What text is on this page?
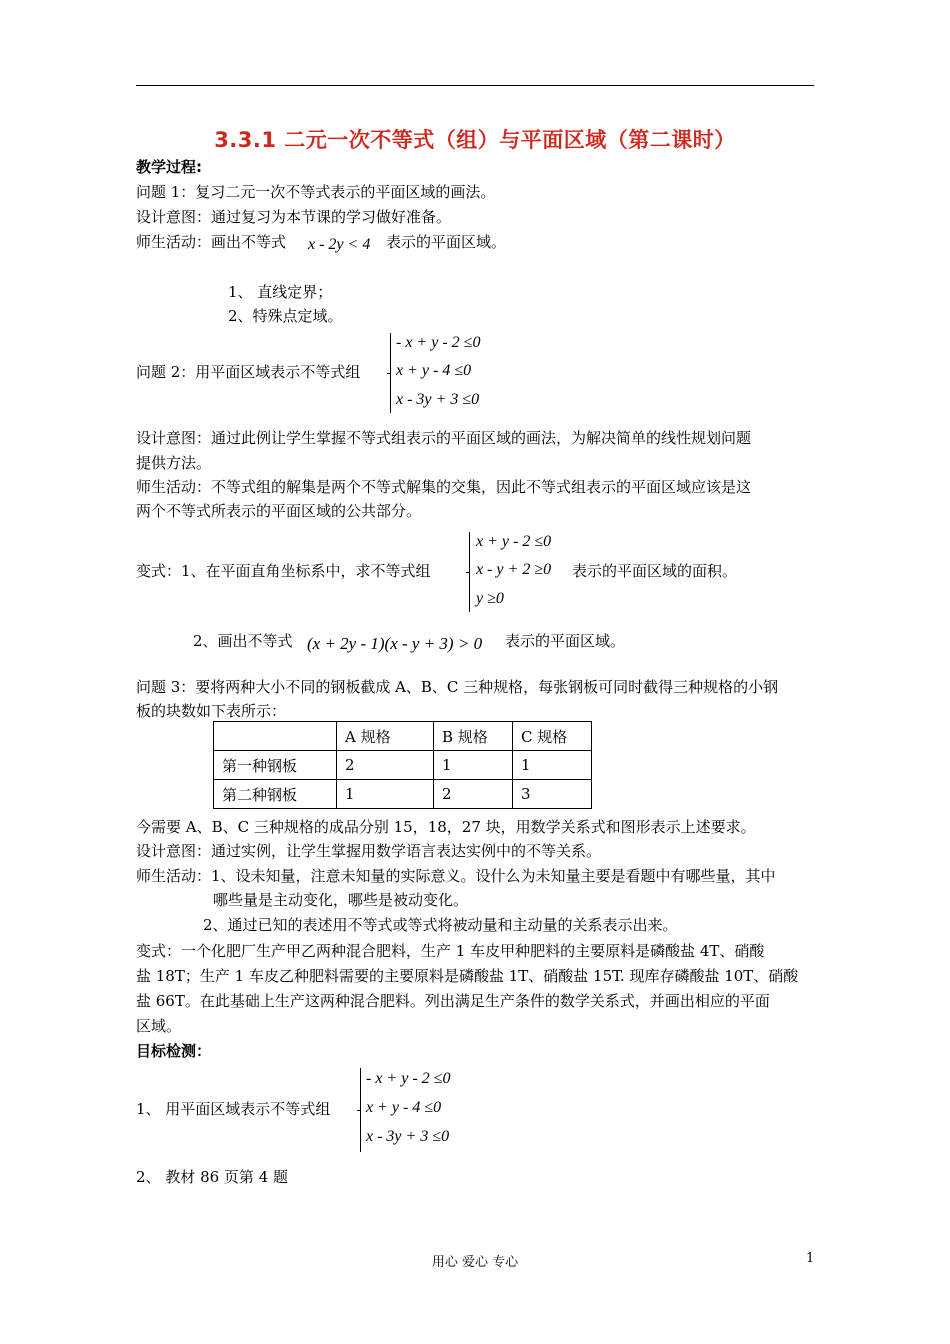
3.3.1 二元一次不等式（组）与平面区域（第二课时）
教学过程:
问题 1：复习二元一次不等式表示的平面区域的画法。
设计意图：通过复习为本节课的学习做好准备。
师生活动：画出不等式 x - 2y < 4 表示的平面区域。
1、 直线定界；
2、特殊点定域。
问题 2：用平面区域表示不等式组
- x + y - 2 ≤0
x + y - 4 ≤0
x - 3y + 3 ≤0
设计意图：通过此例让学生掌握不等式组表示的平面区域的画法，为解决简单的线性规划问题
提供方法。
师生活动：不等式组的解集是两个不等式解集的交集，因此不等式组表示的平面区域应该是这
两个不等式所表示的平面区域的公共部分。
变式：1、在平面直角坐标系中，求不等式组
x + y - 2 ≤0
x - y + 2 ≥0
y ≥0
表示的平面区域的面积。
2、画出不等式 (x + 2y - 1)(x - y + 3) > 0 表示的平面区域。
问题 3：要将两种大小不同的钢板截成 A、B、C 三种规格，每张钢板可同时截得三种规格的小钢
板的块数如下表所示：
	A 规格	B 规格	C 规格
第一种钢板	2	1	1
第二种钢板	1	2	3
今需要 A、B、C 三种规格的成品分别 15，18，27 块，用数学关系式和图形表示上述要求。
设计意图：通过实例，让学生掌握用数学语言表达实例中的不等关系。
师生活动：1、设未知量，注意未知量的实际意义。设什么为未知量主要是看题中有哪些量，其中
哪些量是主动变化，哪些是被动变化。
2、通过已知的表述用不等式或等式将被动量和主动量的关系表示出来。
变式：一个化肥厂生产甲乙两种混合肥料，生产 1 车皮甲种肥料的主要原料是磷酸盐 4T、硝酸
盐 18T；生产 1 车皮乙种肥料需要的主要原料是磷酸盐 1T、硝酸盐 15T. 现库存磷酸盐 10T、硝酸
盐 66T。在此基础上生产这两种混合肥料。列出满足生产条件的数学关系式，并画出相应的平面
区域。
目标检测：
1、 用平面区域表示不等式组
- x + y - 2 ≤0
x + y - 4 ≤0
x - 3y + 3 ≤0
2、 教材 86 页第 4 题
用心 爱心 专心	1
